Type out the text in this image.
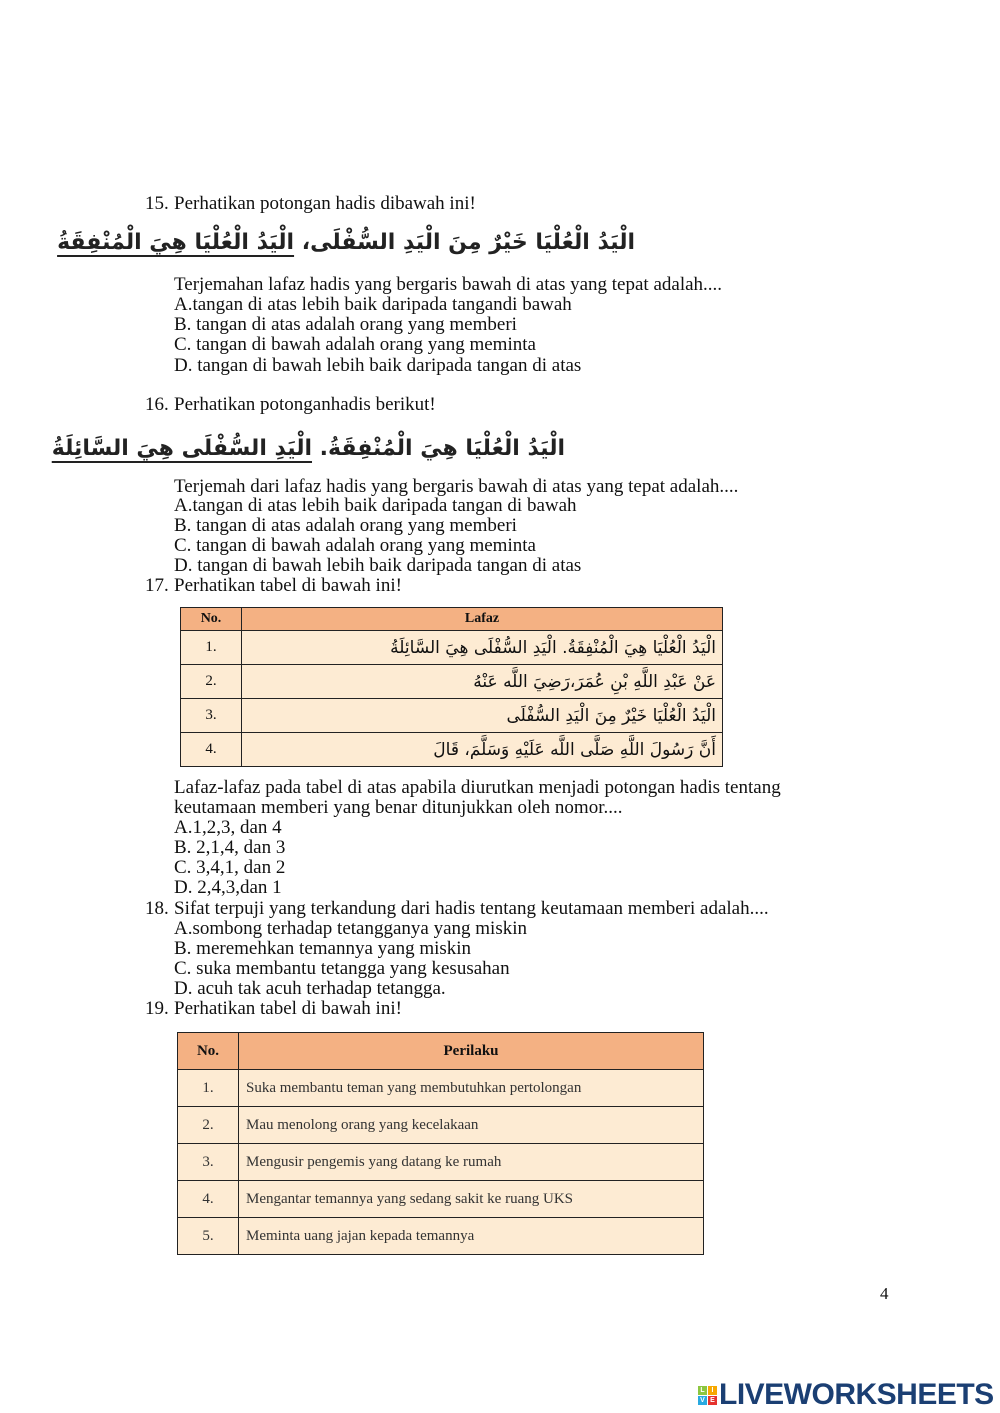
15. Perhatikan potongan hadis dibawah ini!
الْيَدُ الْعُلْيَا خَيْرٌ مِنَ الْيَدِ السُّفْلَى، الْيَدُ الْعُلْيَا هِيَ الْمُنْفِقَةُ
Terjemahan lafaz hadis yang bergaris bawah di atas yang tepat adalah....
A.tangan di atas lebih baik daripada tangandi bawah
B. tangan di atas adalah orang yang memberi
C. tangan di bawah adalah orang yang meminta
D. tangan di bawah lebih baik daripada tangan di atas
16. Perhatikan potonganhadis berikut!
الْيَدُ الْعُلْيَا هِيَ الْمُنْفِقَةُ. الْيَدِ السُّفْلَى هِيَ السَّائِلَةُ
Terjemah dari lafaz hadis yang bergaris bawah di atas yang tepat adalah....
A.tangan di atas lebih baik daripada tangan di bawah
B. tangan di atas adalah orang yang memberi
C. tangan di bawah adalah orang yang meminta
D. tangan di bawah lebih baik daripada tangan di atas
17. Perhatikan tabel di bawah ini!
No.	Lafaz
1.	الْيَدُ الْعُلْيَا هِيَ الْمُنْفِقَةُ. الْيَدِ السُّفْلَى هِيَ السَّائِلَةُ
2.	عَنْ عَبْدِ اللَّهِ بْنِ عُمَرَ،رَضِيَ اللَّه عَنْهُ
3.	الْيَدُ الْعُلْيَا خَيْرٌ مِنَ الْيَدِ السُّفْلَى
4.	أَنَّ رَسُولَ اللَّهِ صَلَّى اللَّه عَلَيْهِ وَسَلَّمَ، قَالَ
Lafaz-lafaz pada tabel di atas apabila diurutkan menjadi potongan hadis tentang
keutamaan memberi yang benar ditunjukkan oleh nomor....
A.1,2,3, dan 4
B. 2,1,4, dan 3
C. 3,4,1, dan 2
D. 2,4,3,dan 1
18. Sifat terpuji yang terkandung dari hadis tentang keutamaan memberi adalah....
A.sombong terhadap tetangganya yang miskin
B. meremehkan temannya yang miskin
C. suka membantu tetangga yang kesusahan
D. acuh tak acuh terhadap tetangga.
19. Perhatikan tabel di bawah ini!
No.	Perilaku
1.	Suka membantu teman yang membutuhkan pertolongan
2.	Mau menolong orang yang kecelakaan
3.	Mengusir pengemis yang datang ke rumah
4.	Mengantar temannya yang sedang sakit ke ruang UKS
5.	Meminta uang jajan kepada temannya
4
L I
V E LIVEWORKSHEETS
